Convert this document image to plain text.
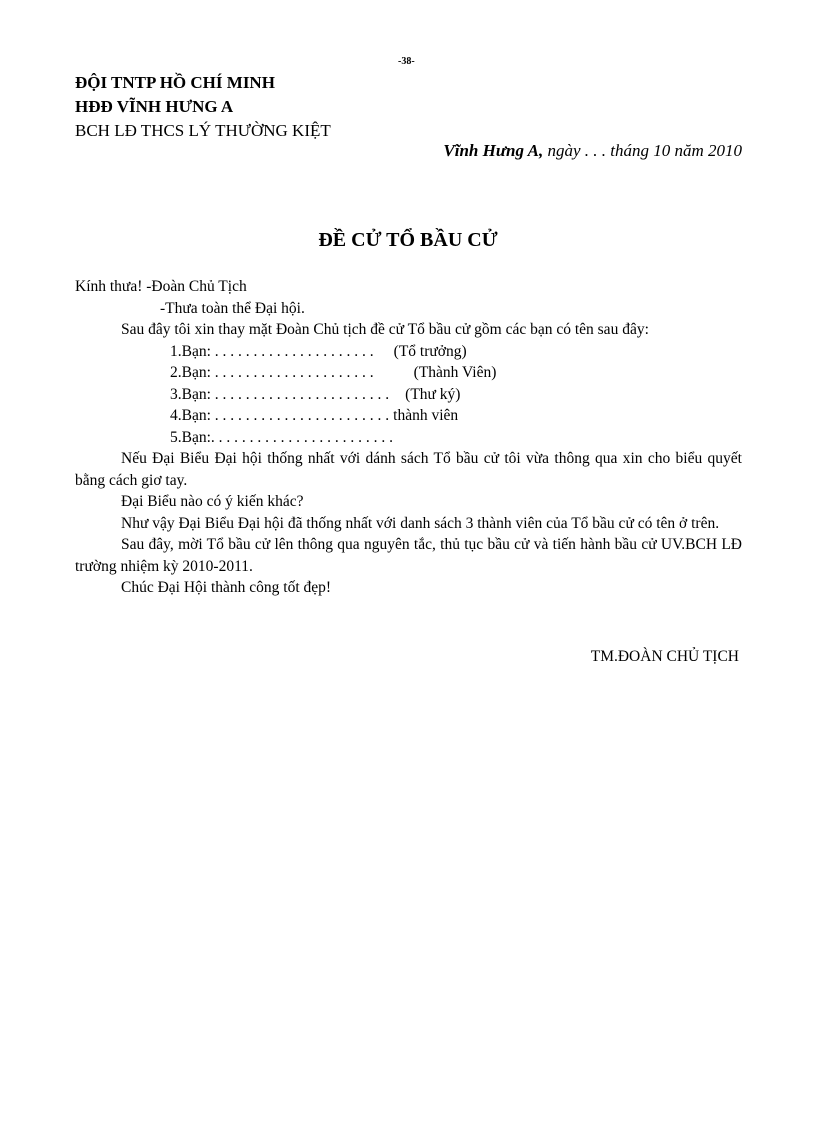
-38-
ĐỘI TNTP HỒ CHÍ MINH
HĐĐ VĨNH HƯNG A
BCH LĐ THCS LÝ THƯỜNG KIỆT
Vĩnh Hưng A, ngày . . . tháng 10 năm 2010
ĐỀ CỬ TỔ BẦU CỬ

Kính thưa! -Đoàn Chủ Tịch

-Thưa toàn thể Đại hội.

Sau đây tôi xin thay mặt Đoàn Chủ tịch đề cử Tổ bầu cử gồm các bạn có tên sau đây:

1.Bạn: . . . . . . . . . . . . . . . . . . . . . (Tổ trưởng)

2.Bạn: . . . . . . . . . . . . . . . . . . . . .	(Thành Viên)

3.Bạn: . . . . . . . . . . . . . . . . . . . . . . . (Thư ký)

4.Bạn: . . . . . . . . . . . . . . . . . . . . . . . thành viên

5.Bạn:. . . . . . . . . . . . . . . . . . . . . . . .

Nếu Đại Biểu Đại hội thống nhất với dánh sách Tổ bầu cử tôi vừa thông qua xin cho biểu quyết bằng cách giơ tay.

Đại Biểu nào có ý kiến khác?

Như vậy Đại Biểu Đại hội đã thống nhất với danh sách 3 thành viên của Tổ bầu cử có tên ở trên.

Sau đây, mời Tổ bầu cử lên thông qua nguyên tắc, thủ tục bầu cử và tiến hành bầu cử UV.BCH LĐ trường nhiệm kỳ 2010-2011.

Chúc Đại Hội thành công tốt đẹp!

TM.ĐOÀN CHỦ TỊCH
